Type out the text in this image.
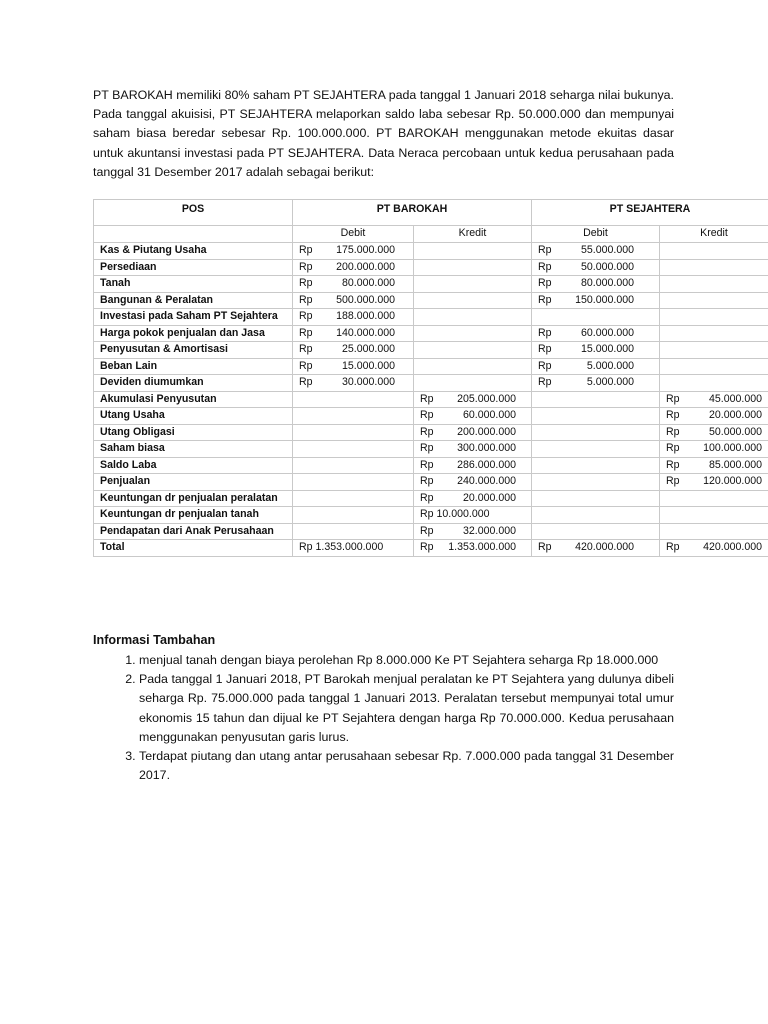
PT BAROKAH memiliki 80% saham PT SEJAHTERA pada tanggal 1 Januari 2018 seharga nilai bukunya. Pada tanggal akuisisi, PT SEJAHTERA melaporkan saldo laba sebesar Rp. 50.000.000 dan mempunyai saham biasa beredar sebesar Rp. 100.000.000. PT BAROKAH menggunakan metode ekuitas dasar untuk akuntansi investasi pada PT SEJAHTERA. Data Neraca percobaan untuk kedua perusahaan pada tanggal 31 Desember 2017 adalah sebagai berikut:

POS	PT BAROKAH		PT SEJAHTERA	
	Debit	Kredit	Debit	Kredit
Kas & Piutang Usaha	Rp 175.000.000		Rp 55.000.000	
Persediaan	Rp 200.000.000		Rp 50.000.000	
Tanah	Rp 80.000.000		Rp 80.000.000	
Bangunan & Peralatan	Rp 500.000.000		Rp 150.000.000	
Investasi pada Saham PT Sejahtera	Rp 188.000.000			
Harga pokok penjualan dan Jasa	Rp 140.000.000		Rp 60.000.000	
Penyusutan & Amortisasi	Rp 25.000.000		Rp 15.000.000	
Beban Lain	Rp 15.000.000		Rp 5.000.000	
Deviden diumumkan	Rp 30.000.000		Rp 5.000.000	
Akumulasi Penyusutan		Rp 205.000.000		Rp 45.000.000
Utang Usaha		Rp 60.000.000		Rp 20.000.000
Utang Obligasi		Rp 200.000.000		Rp 50.000.000
Saham biasa		Rp 300.000.000		Rp 100.000.000
Saldo Laba		Rp 286.000.000		Rp 85.000.000
Penjualan		Rp 240.000.000		Rp 120.000.000
Keuntungan dr penjualan peralatan		Rp 20.000.000		
Keuntungan dr penjualan tanah		Rp 10.000.000		
Pendapatan dari Anak Perusahaan		Rp 32.000.000		
Total	Rp 1.353.000.000	Rp 1.353.000.000	Rp 420.000.000	Rp 420.000.000

Informasi Tambahan

1. menjual tanah dengan biaya perolehan Rp 8.000.000 Ke PT Sejahtera seharga Rp 18.000.000
2. Pada tanggal 1 Januari 2018, PT Barokah menjual peralatan ke PT Sejahtera yang dulunya dibeli seharga Rp. 75.000.000 pada tanggal 1 Januari 2013. Peralatan tersebut mempunyai total umur ekonomis 15 tahun dan dijual ke PT Sejahtera dengan harga Rp 70.000.000. Kedua perusahaan menggunakan penyusutan garis lurus.
3. Terdapat piutang dan utang antar perusahaan sebesar Rp. 7.000.000 pada tanggal 31 Desember 2017.
